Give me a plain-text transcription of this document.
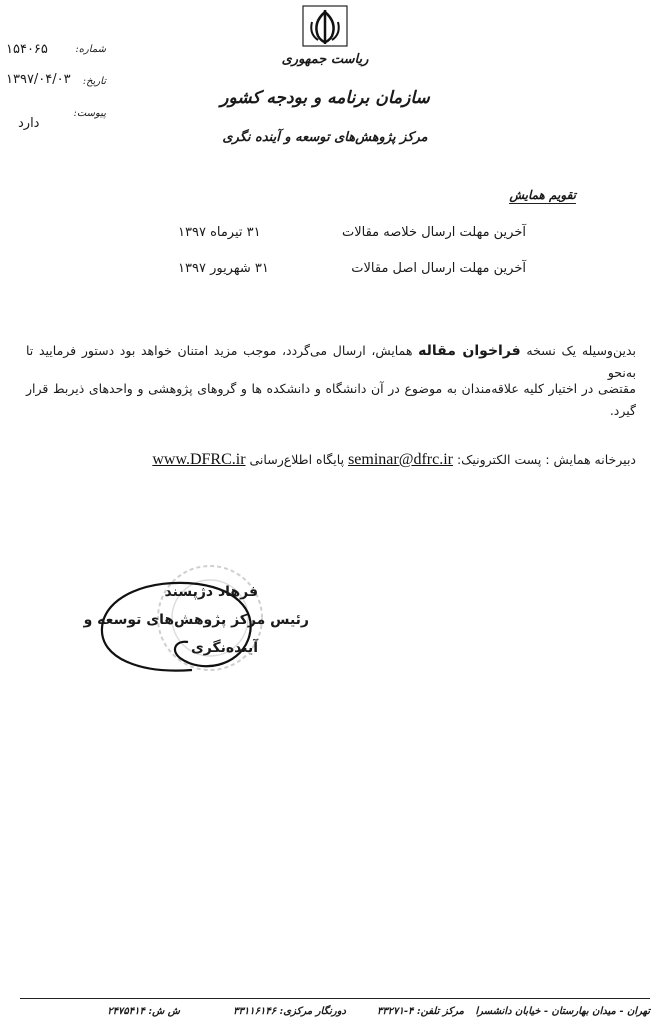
ریاست جمهوری
سازمان برنامه و بودجه کشور
مرکز پژوهش‌های توسعه و آینده نگری
شماره:
۱۵۴۰۶۵
تاریخ:
۱۳۹۷/۰۴/۰۳
پیوست:
دارد
تقویم همایش
آخرین مهلت ارسال خلاصه مقالات
۳۱ تیرماه ۱۳۹۷
آخرین مهلت ارسال اصل مقالات
۳۱ شهریور ۱۳۹۷
بدین‌وسیله یک نسخه فراخوان مقاله همایش، ارسال می‌گردد، موجب مزید امتنان خواهد بود دستور فرمایید تا به‌نحو
مقتضی در اختیار کلیه علاقه‌مندان به موضوع در آن دانشگاه و دانشکده ها و گروهای پژوهشی و واحدهای ذیربط قرار گیرد.
دبیرخانه همایش : پست الکترونیک: seminar@dfrc.ir پایگاه اطلاع‌رسانی www.DFRC.ir
فرهاد دژپسند
رئیس مرکز پژوهش‌های توسعه و
آینده‌نگری
تهران - میدان بهارستان - خیابان دانشسرا
مرکز تلفن: ۴-۳۳۲۷۱
دورنگار مرکزی: ۳۳۱۱۶۱۴۶
ش ش: ۲۴۷۵۴۱۴
